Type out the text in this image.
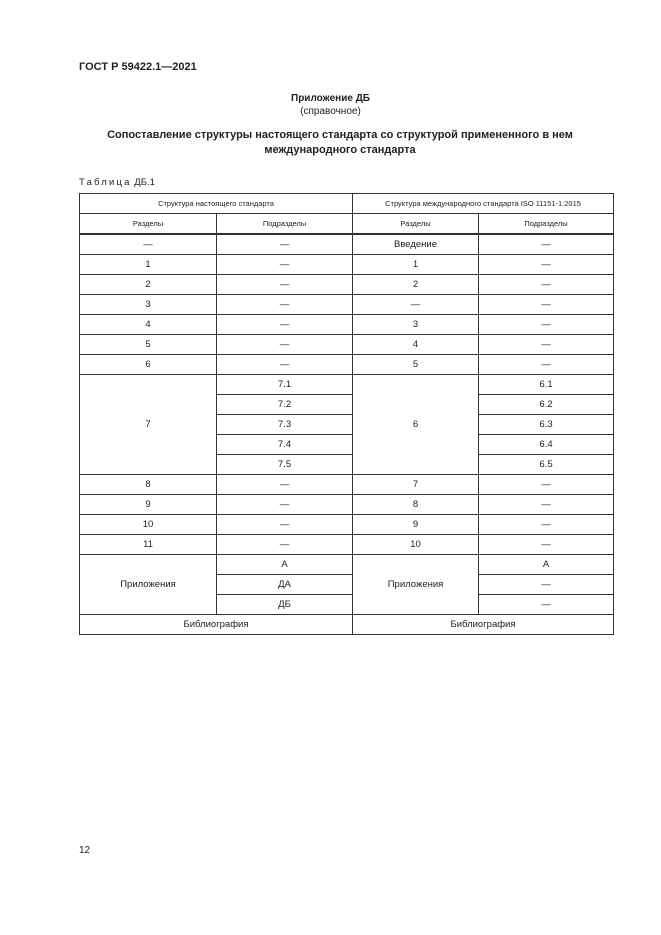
ГОСТ Р 59422.1—2021
Приложение ДБ
(справочное)
Сопоставление структуры настоящего стандарта со структурой примененного в нем
международного стандарта
Таблица ДБ.1
Структура настоящего стандарта		Структура международного стандарта ISO 11151-1:2015	
Разделы	Подразделы	Разделы	Подразделы
—	—	Введение	—
1	—	1	—
2	—	2	—
3	—	—	—
4	—	3	—
5	—	4	—
6	—	5	—
7	7.1	6	6.1
	7.2		6.2
	7.3		6.3
	7.4		6.4
	7.5		6.5
8	—	7	—
9	—	8	—
10	—	9	—
11	—	10	—
Приложения	А	Приложения	А
	ДА		—
	ДБ		—
Библиография		Библиография	
12
